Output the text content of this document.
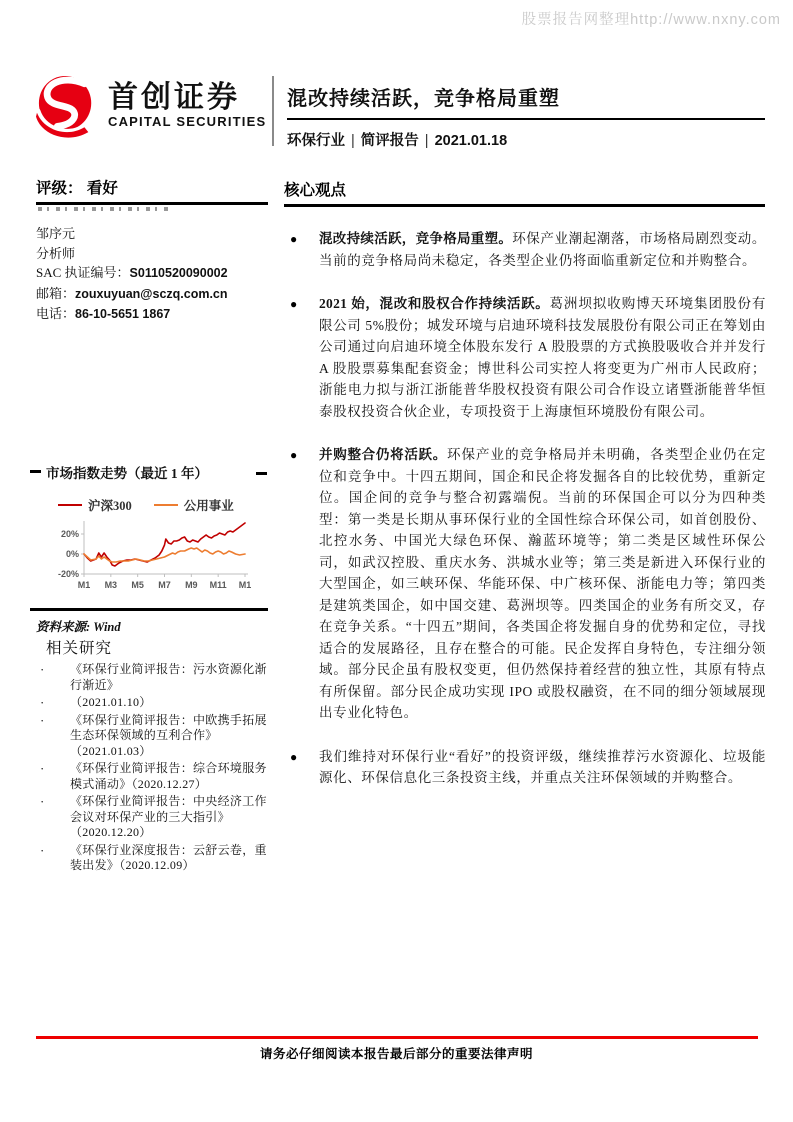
股票报告网整理http://www.nxny.com
首创证券
CAPITAL SECURITIES
混改持续活跃，竞争格局重塑
环保行业 | 简评报告 | 2021.01.18
评级： 看好
邹序元
分析师
SAC 执证编号：S0110520090002
邮箱：zouxuyuan@sczq.com.cn
电话：86-10-5651 1867
市场指数走势（最近 1 年）
沪深300	公用事业
20%
0%
-20%
M1 M3 M5 M7 M9 M11 M1
资料来源: Wind
相关研究
· 《环保行业简评报告：污水资源化渐行渐近》
· （2021.01.10）
· 《环保行业简评报告：中欧携手拓展生态环保领域的互利合作》（2021.01.03）
· 《环保行业简评报告：综合环境服务模式涌动》（2020.12.27）
· 《环保行业简评报告：中央经济工作会议对环保产业的三大指引》（2020.12.20）
· 《环保行业深度报告：云舒云卷，重装出发》（2020.12.09）
核心观点
● 混改持续活跃，竞争格局重塑。环保产业潮起潮落，市场格局剧烈变动。当前的竞争格局尚未稳定，各类型企业仍将面临重新定位和并购整合。
● 2021 始，混改和股权合作持续活跃。葛洲坝拟收购博天环境集团股份有限公司 5%股份；城发环境与启迪环境科技发展股份有限公司正在筹划由公司通过向启迪环境全体股东发行 A 股股票的方式换股吸收合并并发行 A 股股票募集配套资金；博世科公司实控人将变更为广州市人民政府；浙能电力拟与浙江浙能普华股权投资有限公司合作设立诸暨浙能普华恒泰股权投资合伙企业，专项投资于上海康恒环境股份有限公司。
● 并购整合仍将活跃。环保产业的竞争格局并未明确，各类型企业仍在定位和竞争中。十四五期间，国企和民企将发掘各自的比较优势，重新定位。国企间的竞争与整合初露端倪。当前的环保国企可以分为四种类型：第一类是长期从事环保行业的全国性综合环保公司，如首创股份、北控水务、中国光大绿色环保、瀚蓝环境等；第二类是区域性环保公司，如武汉控股、重庆水务、洪城水业等；第三类是新进入环保行业的大型国企，如三峡环保、华能环保、中广核环保、浙能电力等；第四类是建筑类国企，如中国交建、葛洲坝等。四类国企的业务有所交叉，存在竞争关系。“十四五”期间，各类国企将发掘自身的优势和定位，寻找适合的发展路径，且存在整合的可能。民企发挥自身特色，专注细分领域。部分民企虽有股权变更，但仍然保持着经营的独立性，其原有特点有所保留。部分民企成功实现 IPO 或股权融资，在不同的细分领域展现出专业化特色。
● 我们维持对环保行业“看好”的投资评级，继续推荐污水资源化、垃圾能源化、环保信息化三条投资主线，并重点关注环保领域的并购整合。
请务必仔细阅读本报告最后部分的重要法律声明
